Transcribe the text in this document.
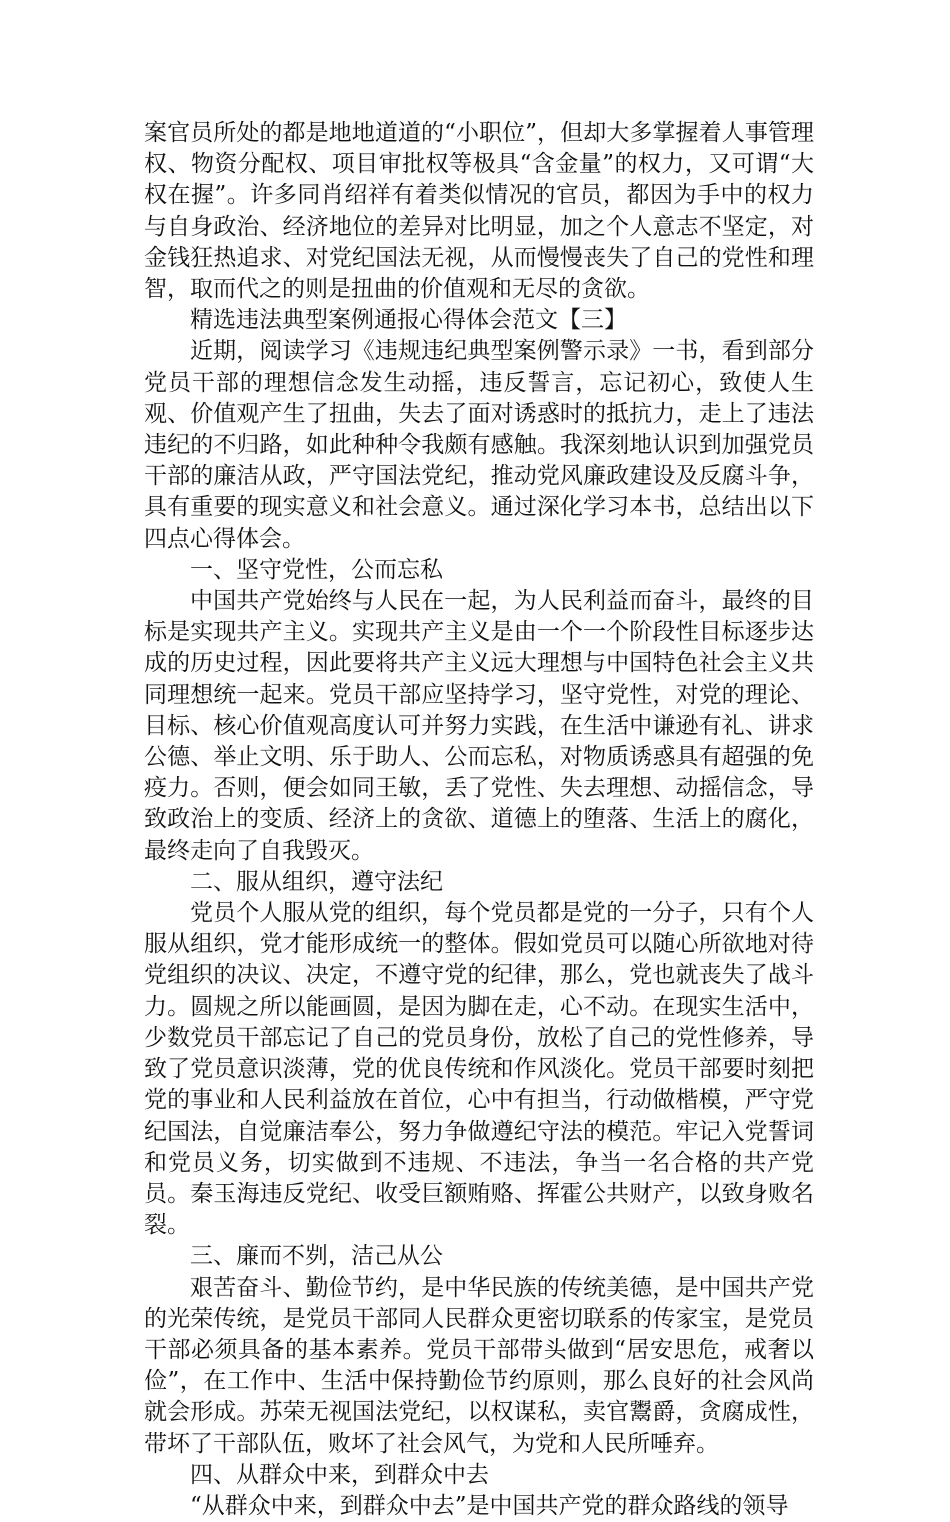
案官员所处的都是地地道道的“小职位”，但却大多掌握着人事管理权、物资分配权、项目审批权等极具“含金量”的权力，又可谓“大权在握”。许多同肖绍祥有着类似情况的官员，都因为手中的权力与自身政治、经济地位的差异对比明显，加之个人意志不坚定，对金钱狂热追求、对党纪国法无视，从而慢慢丧失了自己的党性和理智，取而代之的则是扭曲的价值观和无尽的贪欲。

精选违法典型案例通报心得体会范文【三】

近期，阅读学习《违规违纪典型案例警示录》一书，看到部分党员干部的理想信念发生动摇，违反誓言，忘记初心，致使人生观、价值观产生了扭曲，失去了面对诱惑时的抵抗力，走上了违法违纪的不归路，如此种种令我颇有感触。我深刻地认识到加强党员干部的廉洁从政，严守国法党纪，推动党风廉政建设及反腐斗争，具有重要的现实意义和社会意义。通过深化学习本书，总结出以下四点心得体会。

一、坚守党性，公而忘私

中国共产党始终与人民在一起，为人民利益而奋斗，最终的目标是实现共产主义。实现共产主义是由一个一个阶段性目标逐步达成的历史过程，因此要将共产主义远大理想与中国特色社会主义共同理想统一起来。党员干部应坚持学习，坚守党性，对党的理论、目标、核心价值观高度认可并努力实践，在生活中谦逊有礼、讲求公德、举止文明、乐于助人、公而忘私，对物质诱惑具有超强的免疫力。否则，便会如同王敏，丢了党性、失去理想、动摇信念，导致政治上的变质、经济上的贪欲、道德上的堕落、生活上的腐化，最终走向了自我毁灭。

二、服从组织，遵守法纪

党员个人服从党的组织，每个党员都是党的一分子，只有个人服从组织，党才能形成统一的整体。假如党员可以随心所欲地对待党组织的决议、决定，不遵守党的纪律，那么，党也就丧失了战斗力。圆规之所以能画圆，是因为脚在走，心不动。在现实生活中，少数党员干部忘记了自己的党员身份，放松了自己的党性修养，导致了党员意识淡薄，党的优良传统和作风淡化。党员干部要时刻把党的事业和人民利益放在首位，心中有担当，行动做楷模，严守党纪国法，自觉廉洁奉公，努力争做遵纪守法的模范。牢记入党誓词和党员义务，切实做到不违规、不违法，争当一名合格的共产党员。秦玉海违反党纪、收受巨额贿赂、挥霍公共财产，以致身败名裂。

三、廉而不刿，洁己从公

艰苦奋斗、勤俭节约，是中华民族的传统美德，是中国共产党的光荣传统，是党员干部同人民群众更密切联系的传家宝，是党员干部必须具备的基本素养。党员干部带头做到“居安思危，戒奢以俭”，在工作中、生活中保持勤俭节约原则，那么良好的社会风尚就会形成。苏荣无视国法党纪，以权谋私，卖官鬻爵，贪腐成性，带坏了干部队伍，败坏了社会风气，为党和人民所唾弃。

四、从群众中来，到群众中去

“从群众中来，到群众中去”是中国共产党的群众路线的领导
